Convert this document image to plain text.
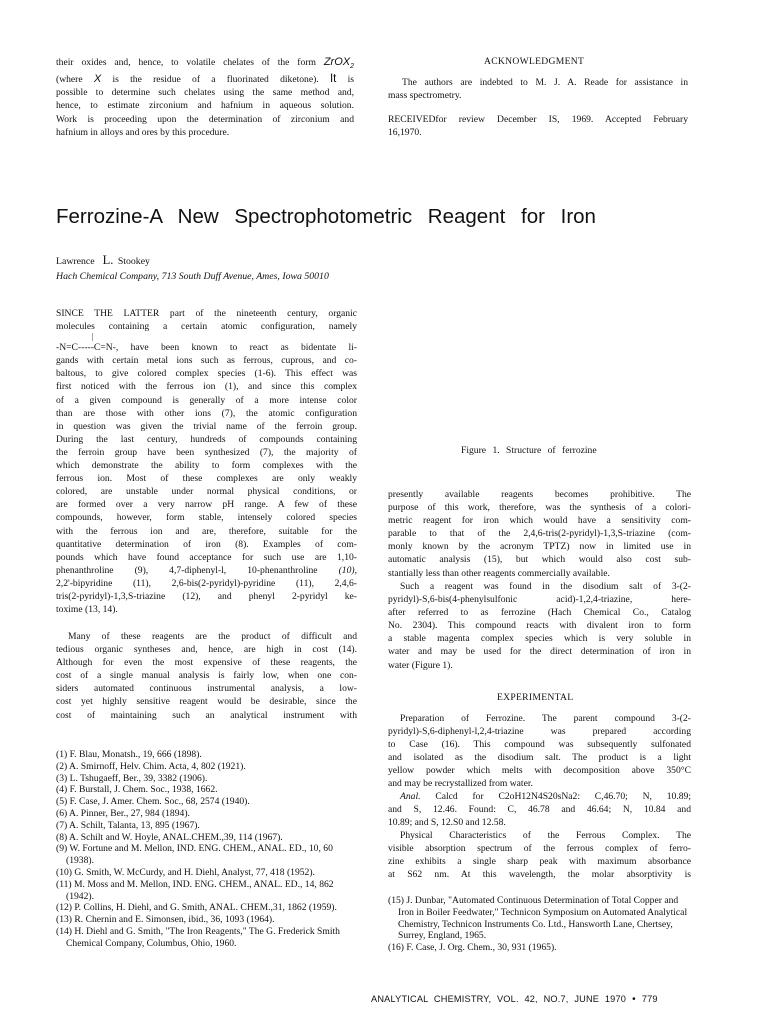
their oxides and, hence, to volatile chelates of the form ZrOX$_2$
(where X is the residue of a fluorinated diketone). It is
possible to determine such chelates using the same method and,
hence, to estimate zirconium and hafnium in aqueous solution.
Work is proceeding upon the determination of zirconium and
hafnium in alloys and ores by this procedure.
ACKNOWLEDGMENT
The authors are indebted to M. J. A. Reade for assistance in
mass spectrometry.
RECEIVEDfor review December IS, 1969. Accepted February
16,1970.
Ferrozine-A New Spectrophotometric Reagent for Iron
Lawrence L. Stookey
Hach Chemical Company, 713 South Duff Avenue, Ames, Iowa 50010
SINCE THE LATTER part of the nineteenth century, organic
molecules containing a certain atomic configuration, namely
|
-N=C-----C=N-, have been known to react as bidentate li-
gands with certain metal ions such as ferrous, cuprous, and co-
baltous, to give colored complex species (1-6). This effect was
first noticed with the ferrous ion (1), and since this complex
of a given compound is generally of a more intense color
than are those with other ions (7), the atomic configuration
in question was given the trivial name of the ferroin group.
During the last century, hundreds of compounds containing
the ferroin group have been synthesized (7), the majority of
which demonstrate the ability to form complexes with the
ferrous ion. Most of these complexes are only weakly
colored, are unstable under normal physical conditions, or
are formed over a very narrow pH range. A few of these
compounds, however, form stable, intensely colored species
with the ferrous ion and are, therefore, suitable for the
quantitative determination of iron (8). Examples of com-
pounds which have found acceptance for such use are 1,10-
phenanthroline (9), 4,7-diphenyl-l, 10-phenanthroline (10),
2,2'-bipyridine (11), 2,6-bis(2-pyridyl)-pyridine (11), 2,4,6-
tris(2-pyridyl)-1,3,S-triazine (12), and phenyl 2-pyridyl ke-
toxime (13, 14).
Many of these reagents are the product of difficult and
tedious organic syntheses and, hence, are high in cost (14).
Although for even the most expensive of these reagents, the
cost of a single manual analysis is fairly low, when one con-
siders automated continuous instrumental analysis, a low-
cost yet highly sensitive reagent would be desirable, since the
cost of maintaining such an analytical instrument with
(1) F. Blau, Monatsh., 19, 666 (1898).
(2) A. Smirnoff, Helv. Chim. Acta, 4, 802 (1921).
(3) L. Tshugaeff, Ber., 39, 3382 (1906).
(4) F. Burstall, J. Chem. Soc., 1938, 1662.
(5) F. Case, J. Amer. Chem. Soc., 68, 2574 (1940).
(6) A. Pinner, Ber., 27, 984 (1894).
(7) A. Schilt, Talanta, 13, 895 (1967).
(8) A. Schilt and W. Hoyle, ANAL.CHEM.,39, 114 (1967).
(9) W. Fortune and M. Mellon, IND. ENG. CHEM., ANAL. ED., 10, 60 (1938).
(10) G. Smith, W. McCurdy, and H. Diehl, Analyst, 77, 418 (1952).
(11) M. Moss and M. Mellon, IND. ENG. CHEM., ANAL. ED., 14, 862 (1942).
(12) P. Collins, H. Diehl, and G. Smith, ANAL. CHEM.,31, 1862 (1959).
(13) R. Chernin and E. Simonsen, ibid., 36, 1093 (1964).
(14) H. Diehl and G. Smith, "The Iron Reagents," The G. Frederick Smith Chemical Company, Columbus, Ohio, 1960.
Figure 1. Structure of ferrozine
presently available reagents becomes prohibitive. The
purpose of this work, therefore, was the synthesis of a colori-
metric reagent for iron which would have a sensitivity com-
parable to that of the 2,4,6-tris(2-pyridyl)-1,3,S-triazine (com-
monly known by the acronym TPTZ) now in limited use in
automatic analysis (15), but which would also cost sub-
stantially less than other reagents commercially available.
Such a reagent was found in the disodium salt of 3-(2-
pyridyl)-S,6-bis(4-phenylsulfonic acid)-1,2,4-triazine, here-
after referred to as ferrozine (Hach Chemical Co., Catalog
No. 2304). This compound reacts with divalent iron to form
a stable magenta complex species which is very soluble in
water and may be used for the direct determination of iron in
water (Figure 1).
EXPERIMENTAL
Preparation of Ferrozine. The parent compound 3-(2-
pyridyl)-S,6-diphenyl-l,2,4-triazine was prepared according
to Case (16). This compound was subsequently sulfonated
and isolated as the disodium salt. The product is a light
yellow powder which melts with decomposition above 350°C
and may be recrystallized from water.
Anal. Calcd for C2oH12N4S20sNa2: C,46.70; N, 10.89;
and S, 12.46. Found: C, 46.78 and 46.64; N, 10.84 and
10.89; and S, 12.S0 and 12.58.
Physical Characteristics of the Ferrous Complex. The
visible absorption spectrum of the ferrous complex of ferro-
zine exhibits a single sharp peak with maximum absorbance
at S62 nm. At this wavelength, the molar absorptivity is
(15) J. Dunbar, "Automated Continuous Determination of Total Copper and Iron in Boiler Feedwater," Technicon Symposium on Automated Analytical Chemistry, Technicon Instruments Co. Ltd., Hansworth Lane, Chertsey, Surrey, England, 1965.
(16) F. Case, J. Org. Chem., 30, 931 (1965).
ANALYTICAL CHEMISTRY, VOL. 42, NO.7, JUNE 1970 • 779
